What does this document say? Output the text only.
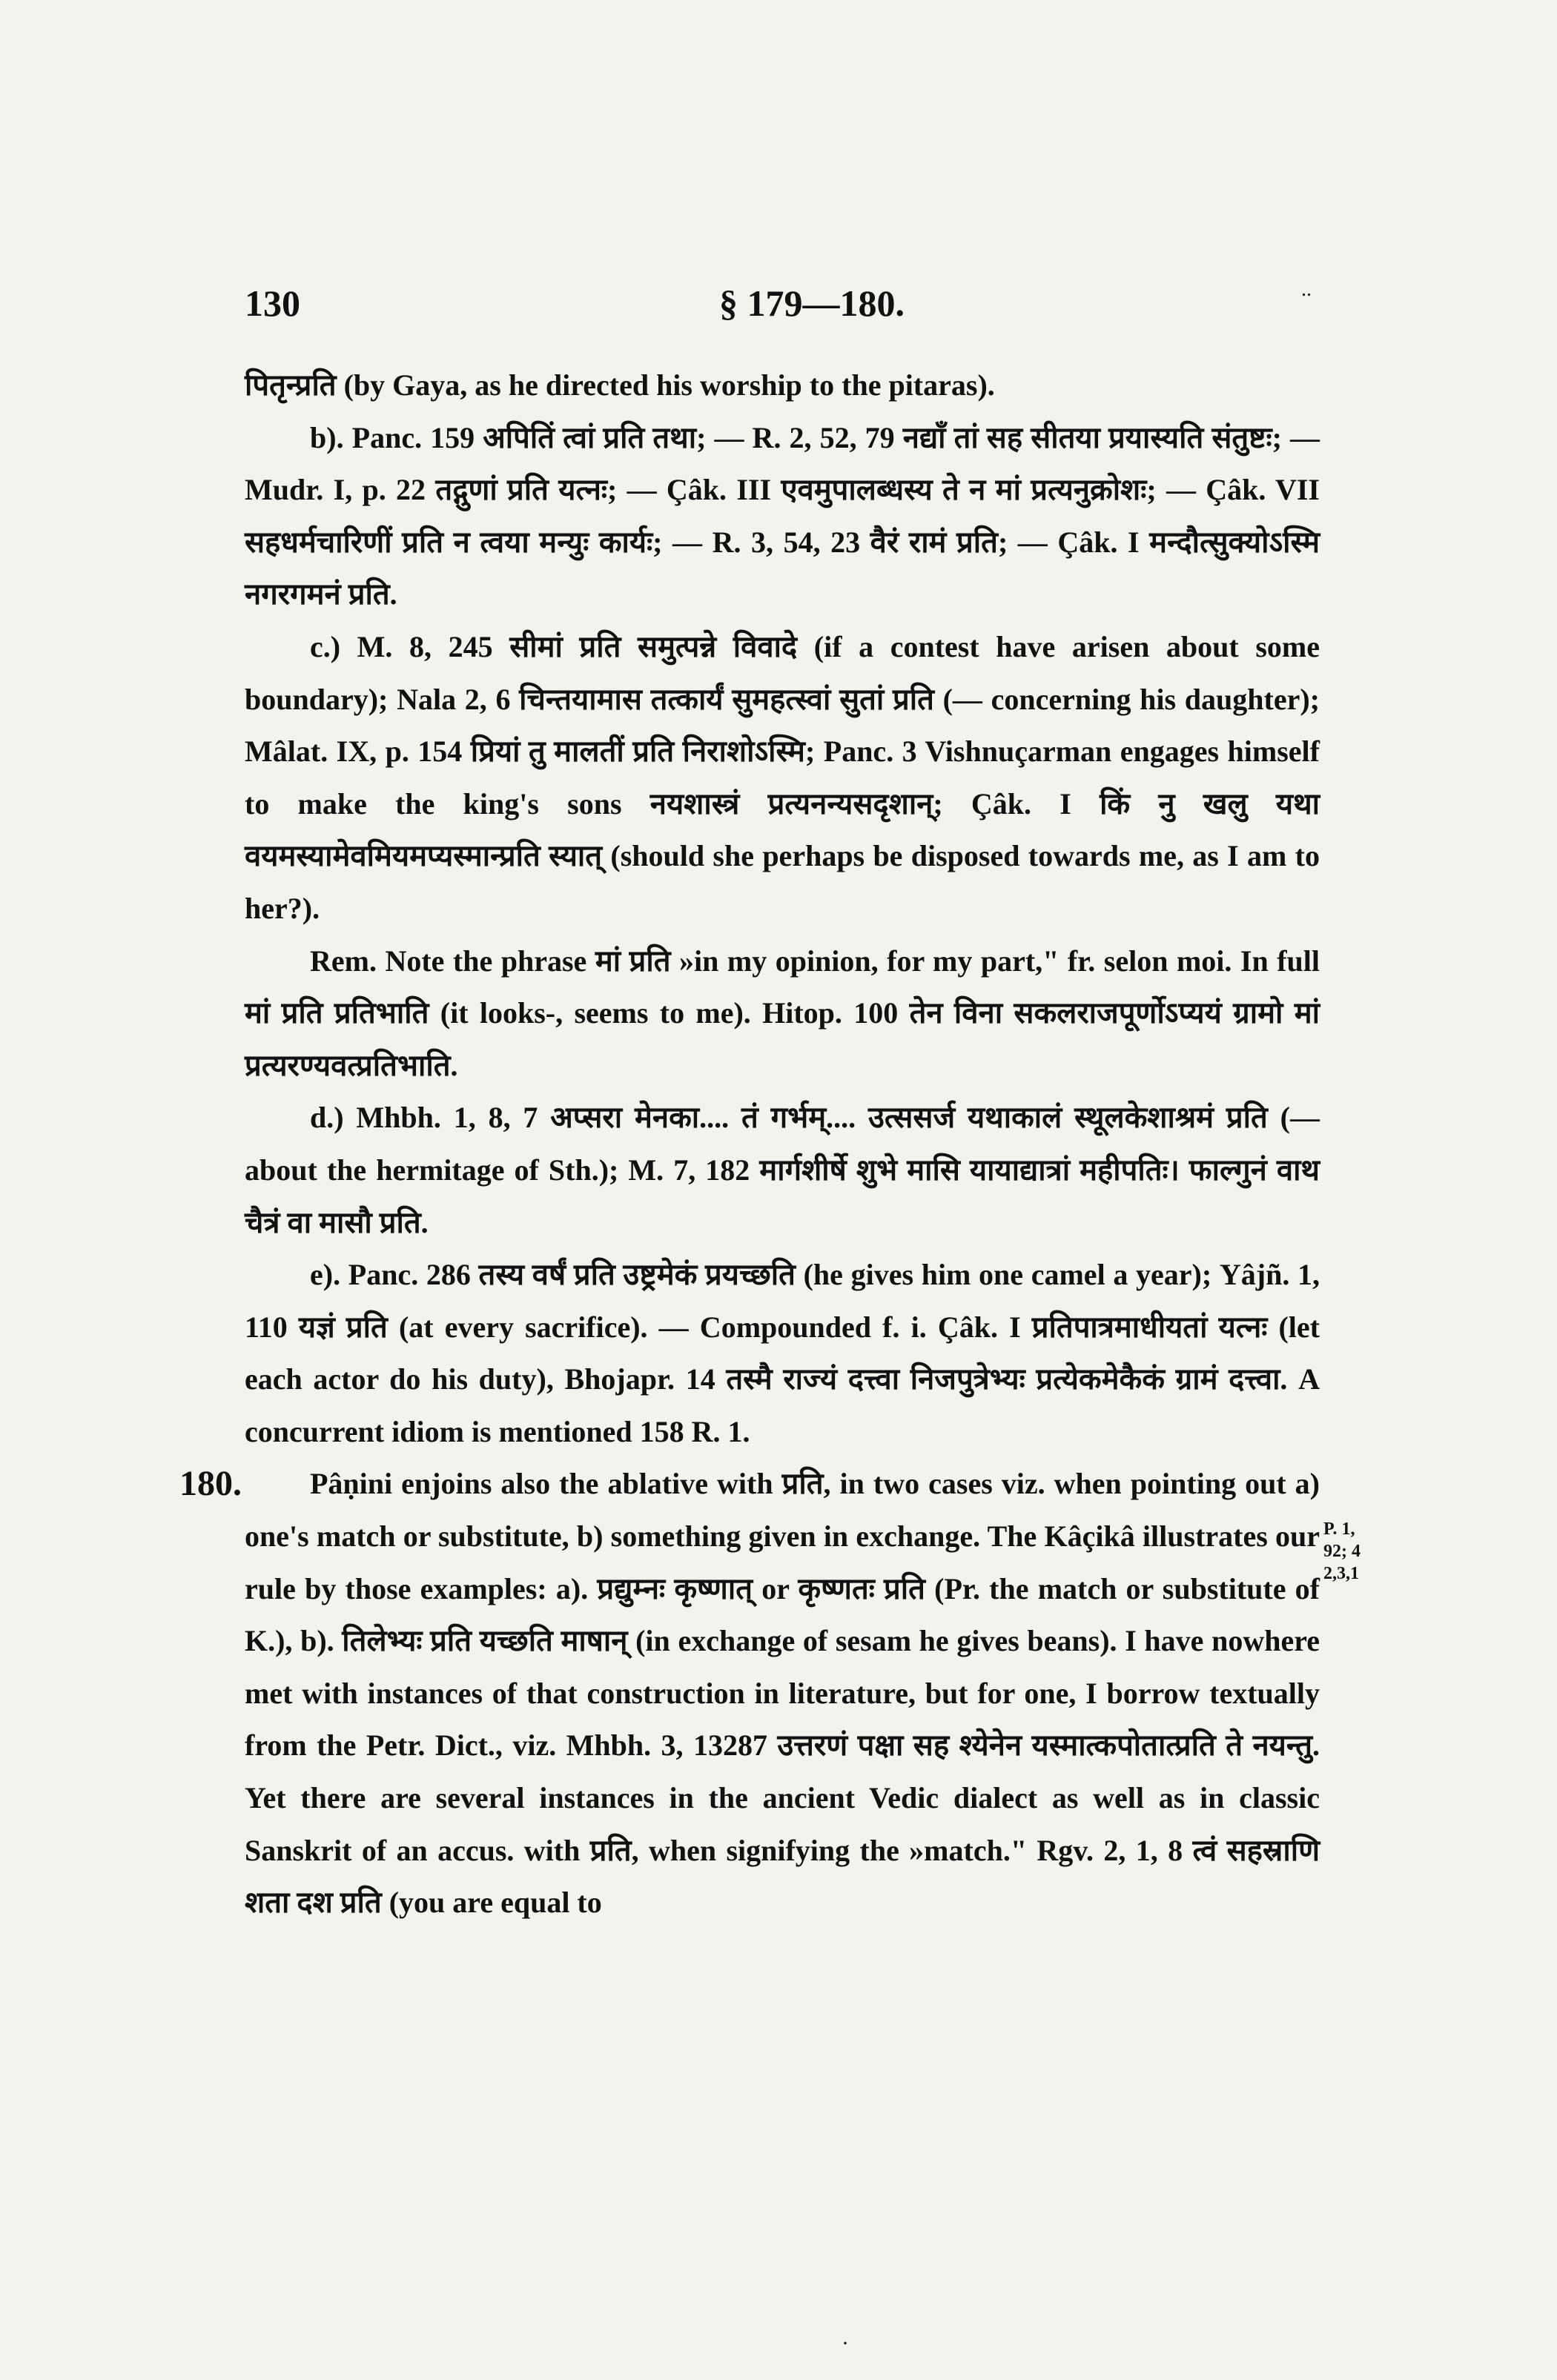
130	§ 179—180.	..

पितृन्प्रति (by Gaya, as he directed his worship to the pitaras).

b). Panc. 159 अपितिं त्वां प्रति तथा; — R. 2, 52, 79 नद्याँ तां सह सीतया प्रयास्यति संतुष्टः; — Mudr. I, p. 22 तद्गुणां प्रति यत्नः; — Çâk. III एवमुपालब्धस्य ते न मां प्रत्यनुक्रोशः; — Çâk. VII सहधर्मचारिणीं प्रति न त्वया मन्युः कार्यः; — R. 3, 54, 23 वैरं रामं प्रति; — Çâk. I मन्दौत्सुक्योऽस्मि नगरगमनं प्रति.

c.) M. 8, 245 सीमां प्रति समुत्पन्ने विवादे (if a contest have arisen about some boundary); Nala 2, 6 चिन्तयामास तत्कार्यं सुमहत्स्वां सुतां प्रति (— concerning his daughter); Mâlat. IX, p. 154 प्रियां तु मालतीं प्रति निराशोऽस्मि; Panc. 3 Vishnuçarman engages himself to make the king's sons नयशास्त्रं प्रत्यनन्यसदृशान्; Çâk. I किं नु खलु यथा वयमस्यामेवमियमप्यस्मान्प्रति स्यात् (should she perhaps be disposed towards me, as I am to her?).

Rem. Note the phrase मां प्रति »in my opinion, for my part," fr. selon moi. In full मां प्रति प्रतिभाति (it looks-, seems to me). Hitop. 100 तेन विना सकलराजपूर्णोऽप्ययं ग्रामो मां प्रत्यरण्यवत्प्रतिभाति.

d.) Mhbh. 1, 8, 7 अप्सरा मेनका.... तं गर्भम्.... उत्ससर्ज यथाकालं स्थूलकेशाश्रमं प्रति (— about the hermitage of Sth.); M. 7, 182 मार्गशीर्षे शुभे मासि यायाद्यात्रां महीपतिः। फाल्गुनं वाथ चैत्रं वा मासौ प्रति.

e). Panc. 286 तस्य वर्षं प्रति उष्ट्रमेकं प्रयच्छति (he gives him one camel a year); Yâjñ. 1, 110 यज्ञं प्रति (at every sacrifice). — Compounded f. i. Çâk. I प्रतिपात्रमाधीयतां यत्नः (let each actor do his duty), Bhojapr. 14 तस्मै राज्यं दत्त्वा निजपुत्रेभ्यः प्रत्येकमेकैकं ग्रामं दत्त्वा. A concurrent idiom is mentioned 158 R. 1.

180.	Pâṇini enjoins also the ablative with प्रति, in two cases viz. when pointing out a) one's match or substitute, b) something given in exchange. The Kâçikâ illustrates our rule by those examples: a). प्रद्युम्नः कृष्णात् or कृष्णतः प्रति (Pr. the match or substitute of K.), b). तिलेभ्यः प्रति यच्छति माषान् (in exchange of sesam he gives beans). I have nowhere met with instances of that construction in literature, but for one, I borrow textually from the Petr. Dict., viz. Mhbh. 3, 13287 उत्तरणं पक्षा सह श्येनेन यस्मात्कपोतात्प्रति ते नयन्तु. Yet there are several instances in the ancient Vedic dialect as well as in classic Sanskrit of an accus. with प्रति, when signifying the »match." Rgv. 2, 1, 8 त्वं सहस्राणि शता दश प्रति (you are equal to

P. 1,
92; 4
2,3,1
·
